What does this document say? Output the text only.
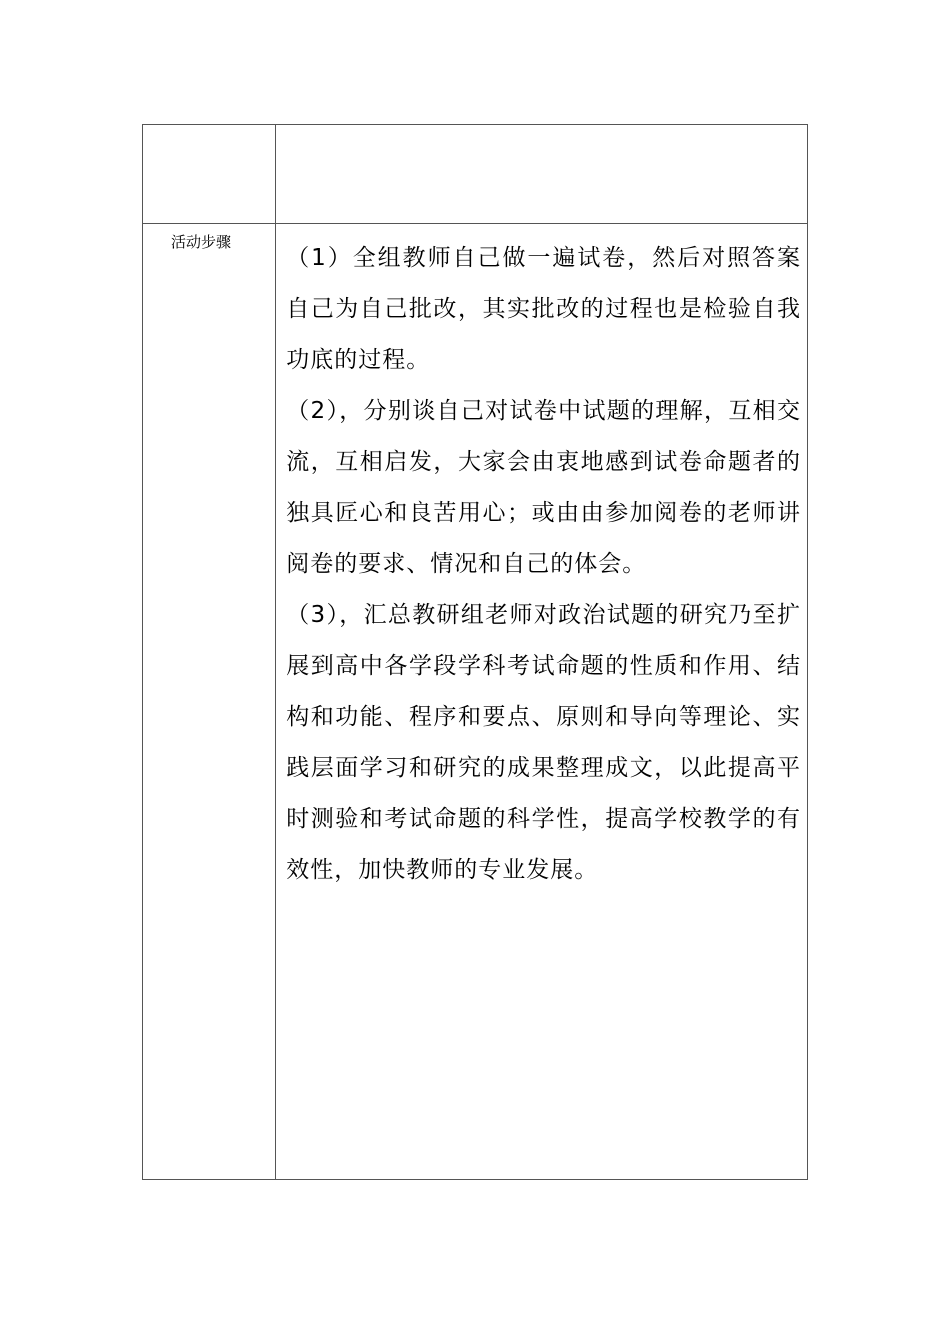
活动步骤	（1）全组教师自己做一遍试卷，然后对照答案自己为自己批改，其实批改的过程也是检验自我功底的过程。

（2），分别谈自己对试卷中试题的理解，互相交流，互相启发，大家会由衷地感到试卷命题者的独具匠心和良苦用心；或由由参加阅卷的老师讲阅卷的要求、情况和自己的体会。

（3），汇总教研组老师对政治试题的研究乃至扩展到高中各学段学科考试命题的性质和作用、结构和功能、程序和要点、原则和导向等理论、实践层面学习和研究的成果整理成文，以此提高平时测验和考试命题的科学性，提高学校教学的有效性，加快教师的专业发展。
